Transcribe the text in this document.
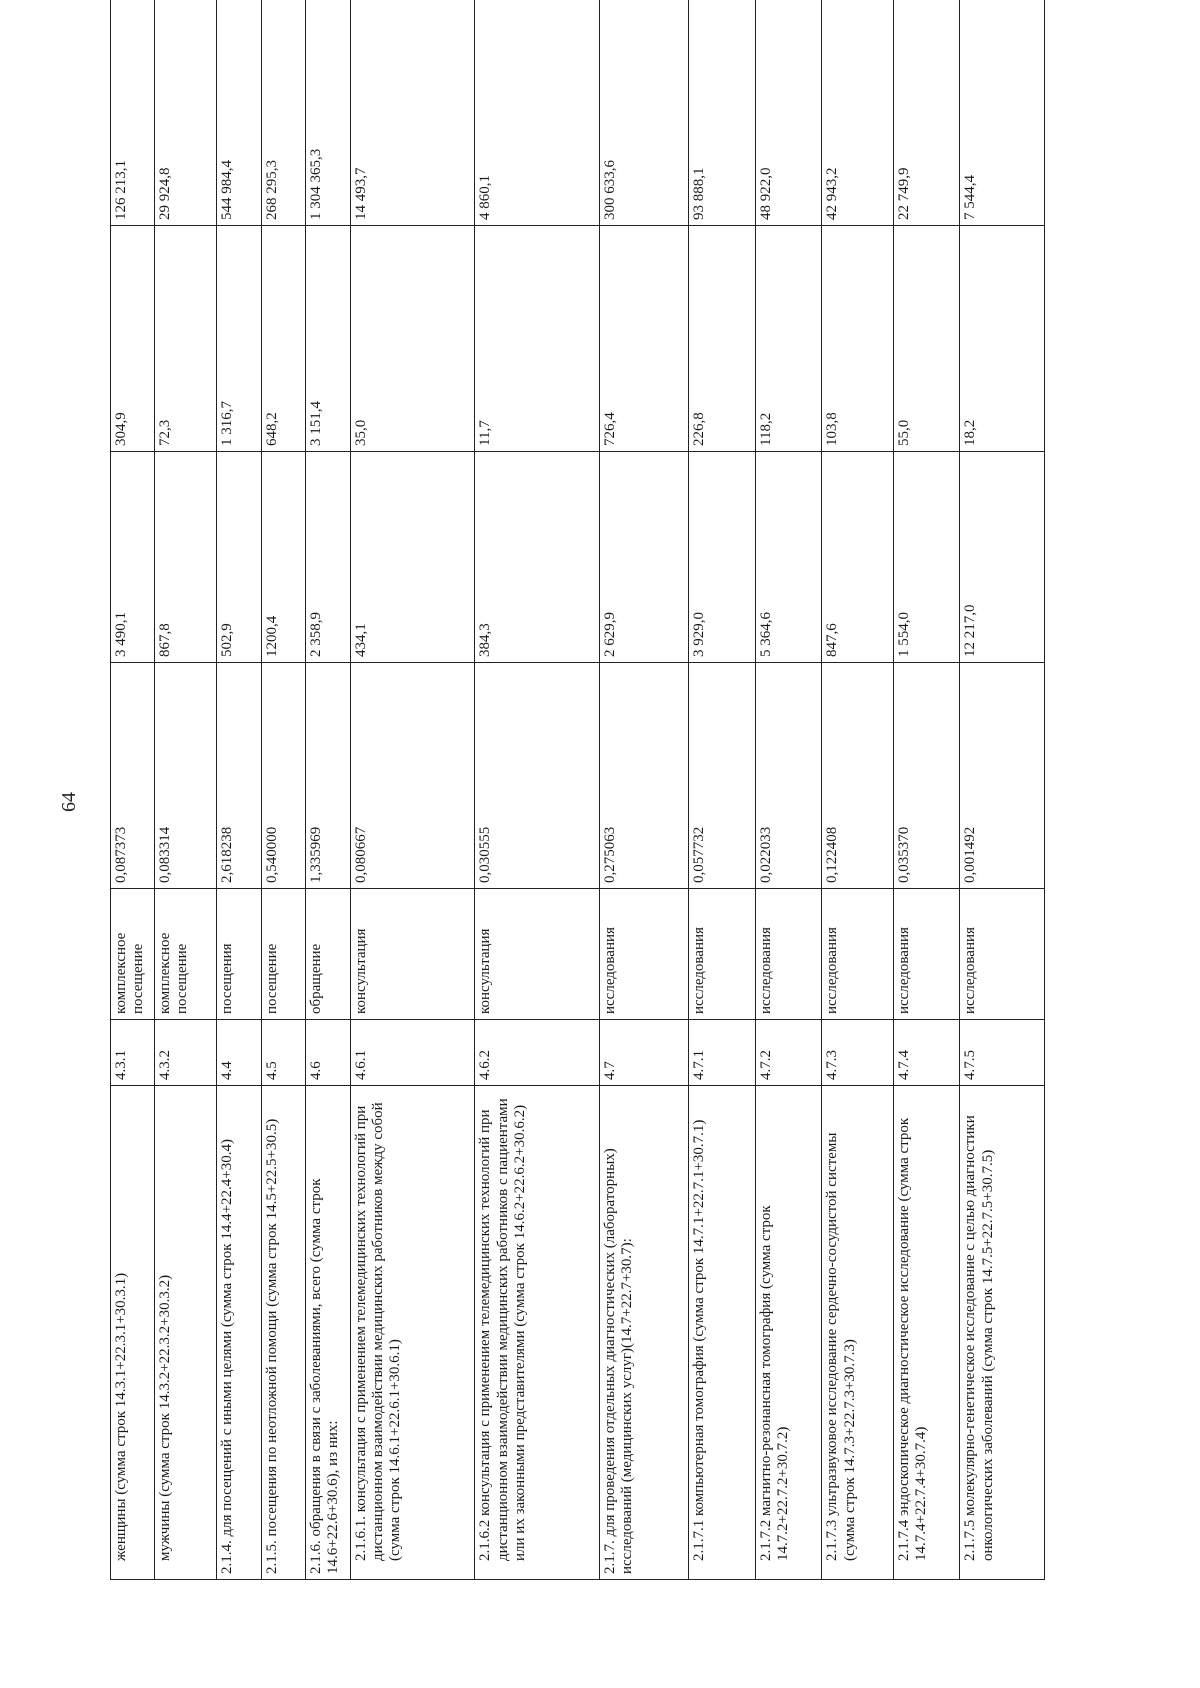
64
женщины (сумма строк 14.3.1+22.3.1+30.3.1)	4.3.1	комплексное посещение	0,087373	3 490,1	304,9	126 213,1
мужчины (сумма строк 14.3.2+22.3.2+30.3.2)	4.3.2	комплексное посещение	0,083314	867,8	72,3	29 924,8
2.1.4. для посещений с иными целями (сумма строк 14.4+22.4+30.4)	4.4	посещения	2,618238	502,9	1 316,7	544 984,4
2.1.5. посещения по неотложной помощи (сумма строк 14.5+22.5+30.5)	4.5	посещение	0,540000	1200,4	648,2	268 295,3
2.1.6. обращения в связи с заболеваниями, всего (сумма строк 14.6+22.6+30.6), из них:	4.6	обращение	1,335969	2 358,9	3 151,4	1 304 365,3
2.1.6.1. консультация с применением телемедицинских технологий при дистанционном взаимодействии медицинских работников между собой (сумма строк 14.6.1+22.6.1+30.6.1)	4.6.1	консультация	0,080667	434,1	35,0	14 493,7
2.1.6.2 консультация с применением телемедицинских технологий при дистанционном взаимодействии медицинских работников с пациентами или их законными представителями (сумма строк 14.6.2+22.6.2+30.6.2)	4.6.2	консультация	0,030555	384,3	11,7	4 860,1
2.1.7. для проведения отдельных диагностических (лабораторных) исследований (медицинских услуг)(14.7+22.7+30.7):	4.7	исследования	0,275063	2 629,9	726,4	300 633,6
2.1.7.1 компьютерная томография (сумма строк 14.7.1+22.7.1+30.7.1)	4.7.1	исследования	0,057732	3 929,0	226,8	93 888,1
2.1.7.2 магнитно-резонансная томография (сумма строк 14.7.2+22.7.2+30.7.2)	4.7.2	исследования	0,022033	5 364,6	118,2	48 922,0
2.1.7.3 ультразвуковое исследование сердечно-сосудистой системы (сумма строк 14.7.3+22.7.3+30.7.3)	4.7.3	исследования	0,122408	847,6	103,8	42 943,2
2.1.7.4 эндоскопическое диагностическое исследование (сумма строк 14.7.4+22.7.4+30.7.4)	4.7.4	исследования	0,035370	1 554,0	55,0	22 749,9
2.1.7.5 молекулярно-генетическое исследование с целью диагностики онкологических заболеваний (сумма строк 14.7.5+22.7.5+30.7.5)	4.7.5	исследования	0,001492	12 217,0	18,2	7 544,4
